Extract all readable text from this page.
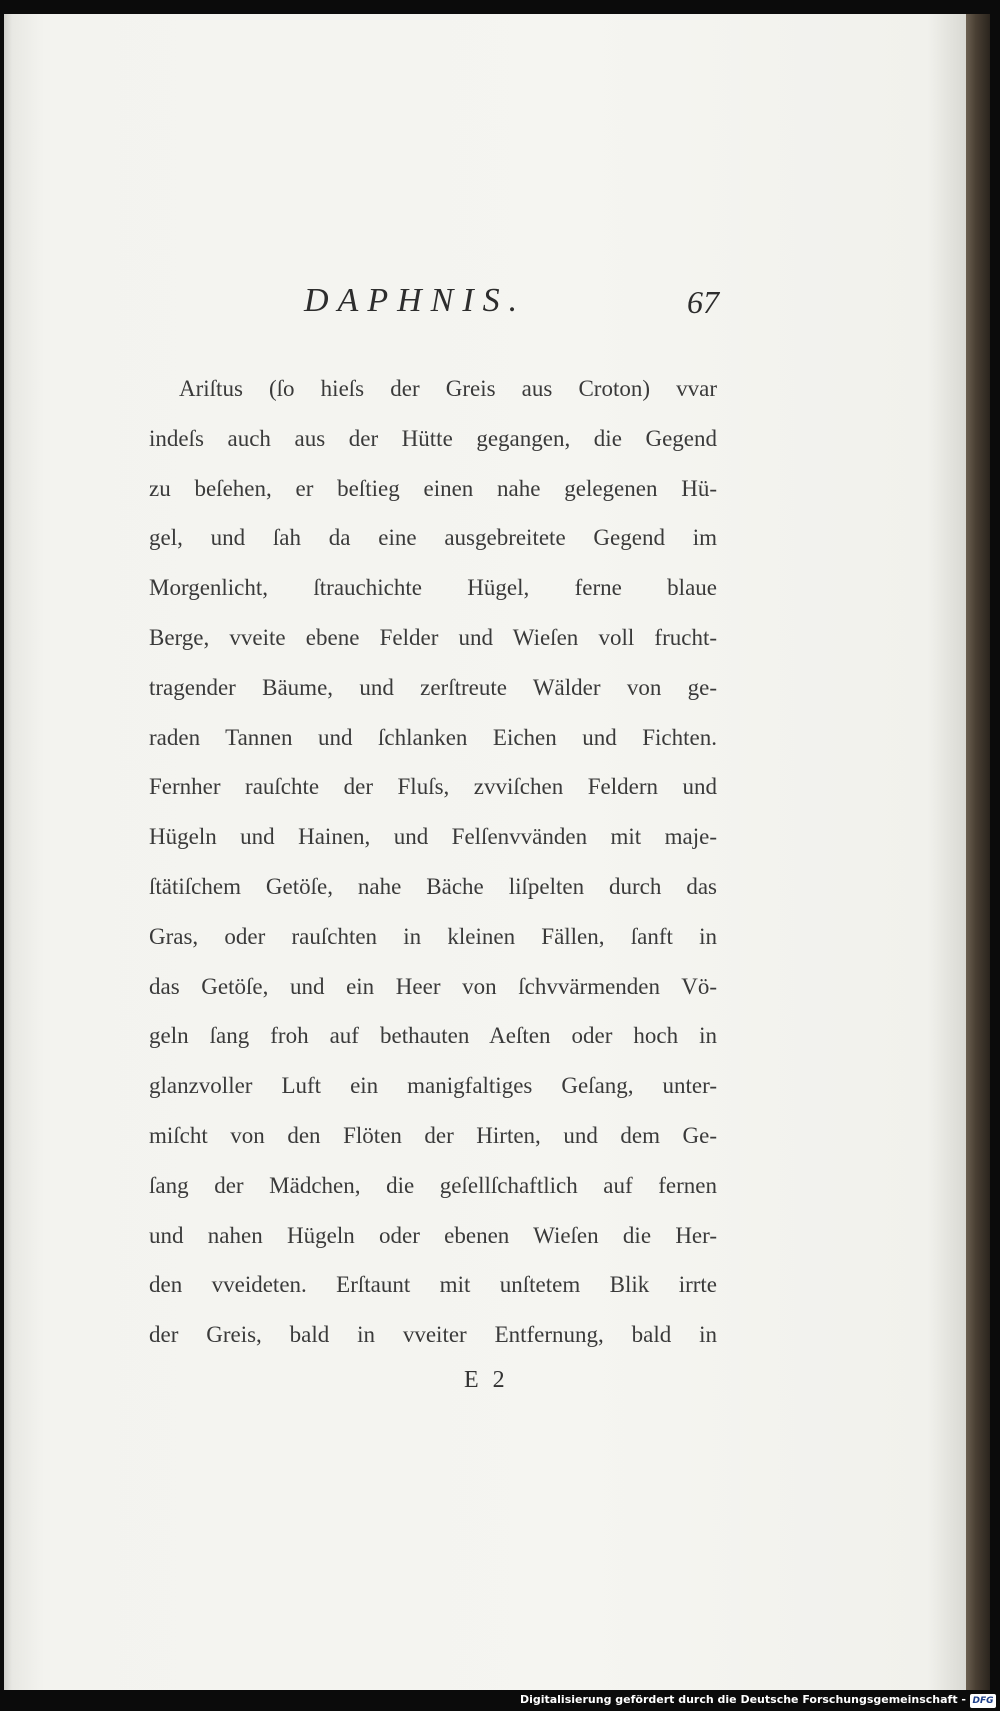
DAPHNIS.	67
Ariſtus (ſo hieſs der Greis aus Croton) vvar
indeſs auch aus der Hütte gegangen, die Gegend
zu beſehen, er beſtieg einen nahe gelegenen Hü-
gel, und ſah da eine ausgebreitete Gegend im
Morgenlicht, ſtrauchichte Hügel, ferne blaue
Berge, vveite ebene Felder und Wieſen voll frucht-
tragender Bäume, und zerſtreute Wälder von ge-
raden Tannen und ſchlanken Eichen und Fichten.
Fernher rauſchte der Fluſs, zvviſchen Feldern und
Hügeln und Hainen, und Felſenvvänden mit maje-
ſtätiſchem Getöſe, nahe Bäche liſpelten durch das
Gras, oder rauſchten in kleinen Fällen, ſanft in
das Getöſe, und ein Heer von ſchvvärmenden Vö-
geln ſang froh auf bethauten Aeſten oder hoch in
glanzvoller Luft ein manigfaltiges Geſang, unter-
miſcht von den Flöten der Hirten, und dem Ge-
ſang der Mädchen, die geſellſchaftlich auf fernen
und nahen Hügeln oder ebenen Wieſen die Her-
den vveideten. Erſtaunt mit unſtetem Blik irrte
der Greis, bald in vveiter Entfernung, bald in
E 2
Digitalisierung gefördert durch die Deutsche Forschungsgemeinschaft - DFG
